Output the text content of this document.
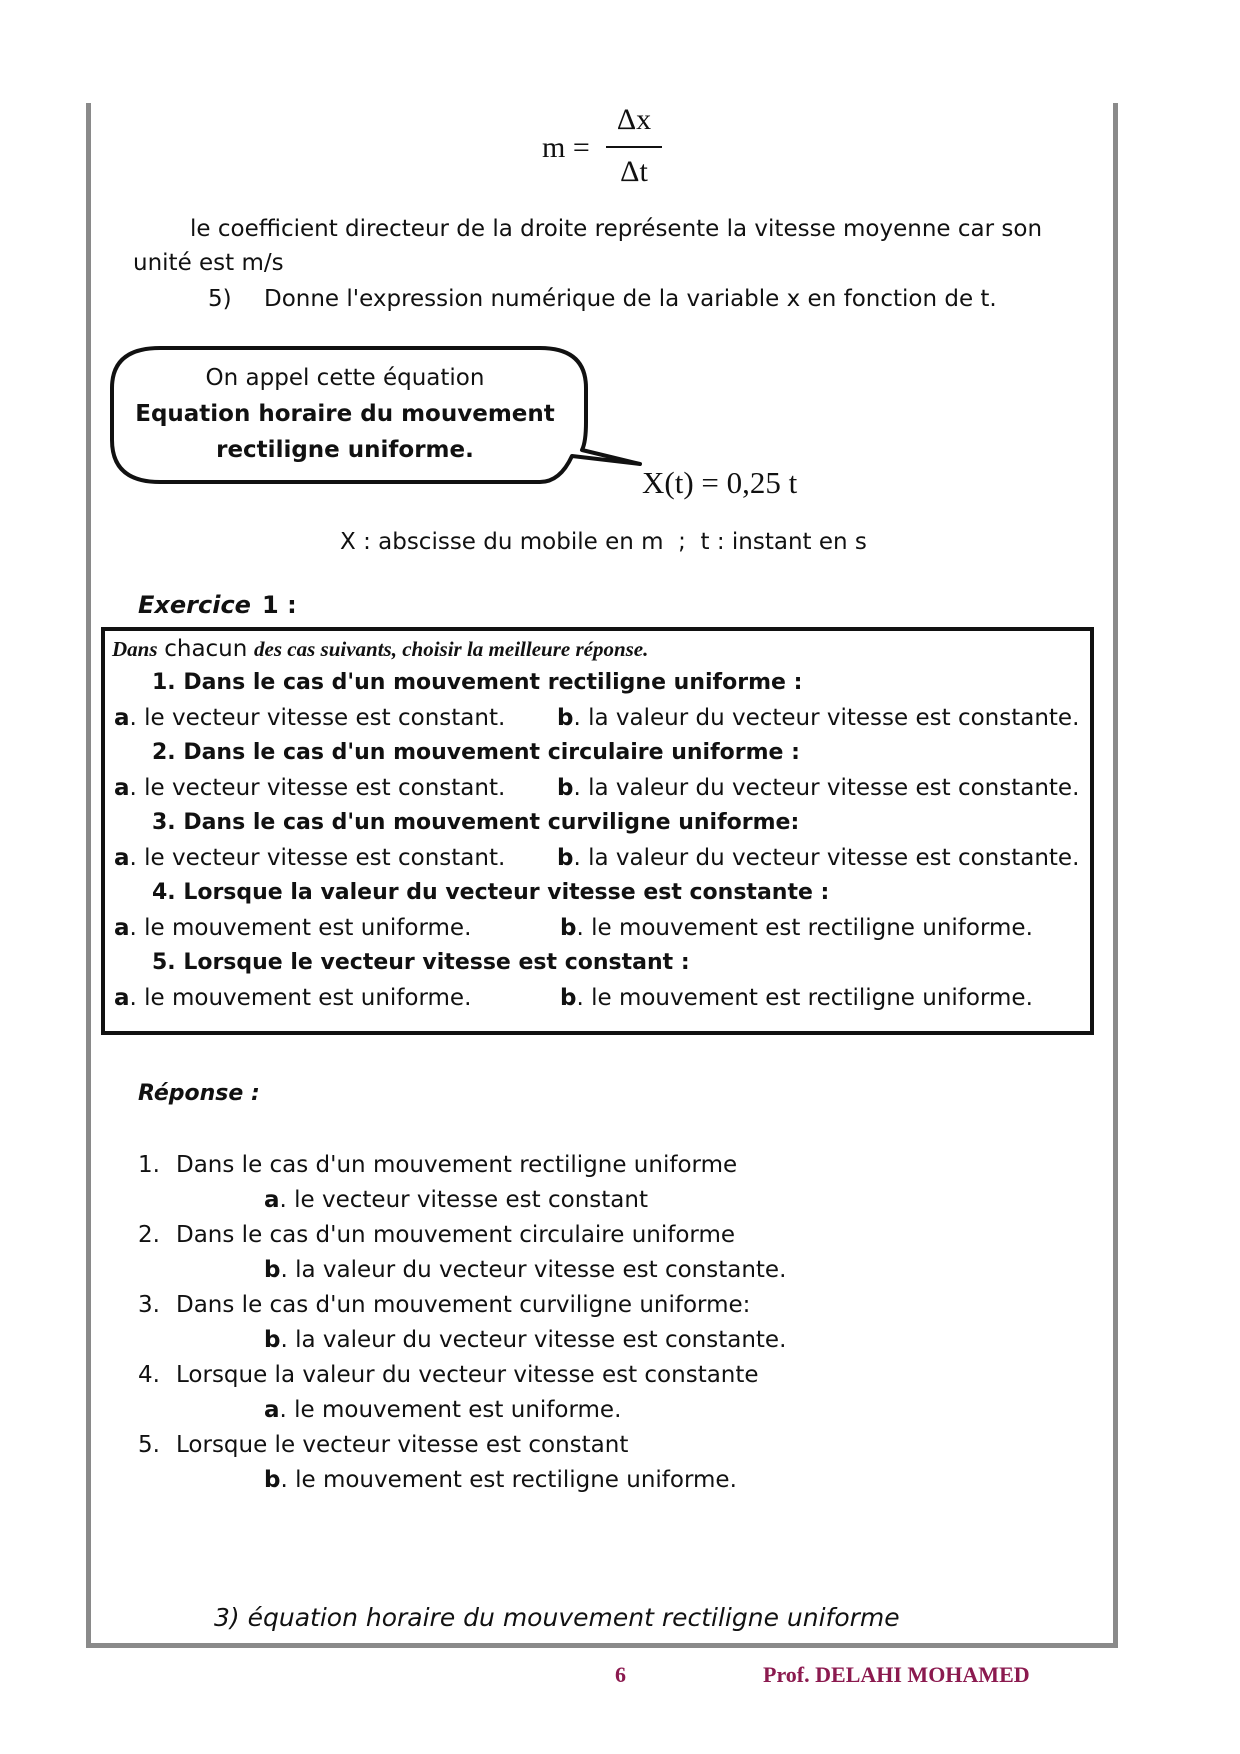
m =
Δx
Δt
le coefficient directeur de la droite représente la vitesse moyenne car son
unité est m/s
5) Donne l'expression numérique de la variable x en fonction de t.
On appel cette équation
Equation horaire du mouvement
rectiligne uniforme.
X(t) = 0,25 t
X : abscisse du mobile en m  ;  t : instant en s
Exercice 1 :
Dans chacun des cas suivants, choisir la meilleure réponse.
1. Dans le cas d'un mouvement rectiligne uniforme :
a. le vecteur vitesse est constant. b. la valeur du vecteur vitesse est constante.
2. Dans le cas d'un mouvement circulaire uniforme :
a. le vecteur vitesse est constant. b. la valeur du vecteur vitesse est constante.
3. Dans le cas d'un mouvement curviligne uniforme:
a. le vecteur vitesse est constant. b. la valeur du vecteur vitesse est constante.
4. Lorsque la valeur du vecteur vitesse est constante :
a. le mouvement est uniforme.	b. le mouvement est rectiligne uniforme.
5. Lorsque le vecteur vitesse est constant :
a. le mouvement est uniforme.	b. le mouvement est rectiligne uniforme.
Réponse :
1. Dans le cas d'un mouvement rectiligne uniforme
a. le vecteur vitesse est constant
2. Dans le cas d'un mouvement circulaire uniforme
b. la valeur du vecteur vitesse est constante.
3. Dans le cas d'un mouvement curviligne uniforme:
b. la valeur du vecteur vitesse est constante.
4. Lorsque la valeur du vecteur vitesse est constante
a. le mouvement est uniforme.
5. Lorsque le vecteur vitesse est constant
b. le mouvement est rectiligne uniforme.
3) équation horaire du mouvement rectiligne uniforme
6	Prof. DELAHI MOHAMED
